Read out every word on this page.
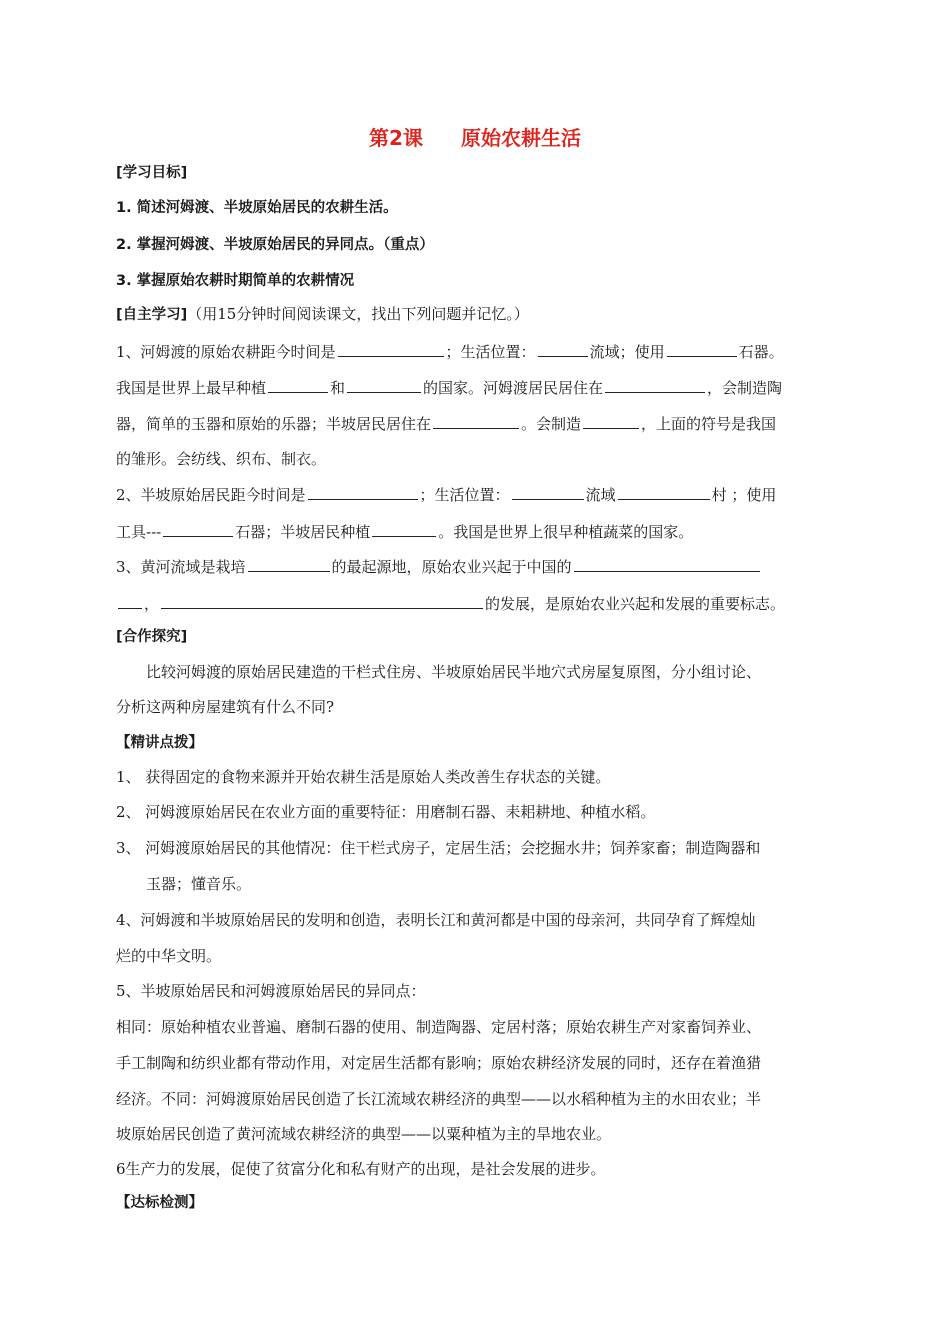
第2课 原始农耕生活
[学习目标]
1. 简述河姆渡、半坡原始居民的农耕生活。
2. 掌握河姆渡、半坡原始居民的异同点。（重点）
3. 掌握原始农耕时期简单的农耕情况
[自主学习]（用15分钟时间阅读课文，找出下列问题并记忆。）
1、河姆渡的原始农耕距今时间是	；生活位置：	流域；使用	石器。
我国是世界上最早种植	和	的国家。河姆渡居民居住在	，会制造陶
器，简单的玉器和原始的乐器；半坡居民居住在	。会制造	，上面的符号是我国
的雏形。会纺线、织布、制衣。
2、半坡原始居民距今时间是	；生活位置：	流域	村 ；使用
工具---	石器；半坡居民种植	。我国是世界上很早种植蔬菜的国家。
3、黄河流域是栽培	的最起源地，原始农业兴起于中国的
，	的发展，是原始农业兴起和发展的重要标志。
[合作探究]
比较河姆渡的原始居民建造的干栏式住房、半坡原始居民半地穴式房屋复原图，分小组讨论、
分析这两种房屋建筑有什么不同?
【精讲点拨】
1、 获得固定的食物来源并开始农耕生活是原始人类改善生存状态的关键。
2、 河姆渡原始居民在农业方面的重要特征：用磨制石器、耒耜耕地、种植水稻。
3、 河姆渡原始居民的其他情况：住干栏式房子，定居生活；会挖掘水井；饲养家畜；制造陶器和
玉器；懂音乐。
4、河姆渡和半坡原始居民的发明和创造，表明长江和黄河都是中国的母亲河，共同孕育了辉煌灿
烂的中华文明。
5、半坡原始居民和河姆渡原始居民的异同点：
相同：原始种植农业普遍、磨制石器的使用、制造陶器、定居村落；原始农耕生产对家畜饲养业、
手工制陶和纺织业都有带动作用，对定居生活都有影响；原始农耕经济发展的同时，还存在着渔猎
经济。不同：河姆渡原始居民创造了长江流域农耕经济的典型——以水稻种植为主的水田农业；半
坡原始居民创造了黄河流域农耕经济的典型——以粟种植为主的旱地农业。
6生产力的发展，促使了贫富分化和私有财产的出现，是社会发展的进步。
【达标检测】
